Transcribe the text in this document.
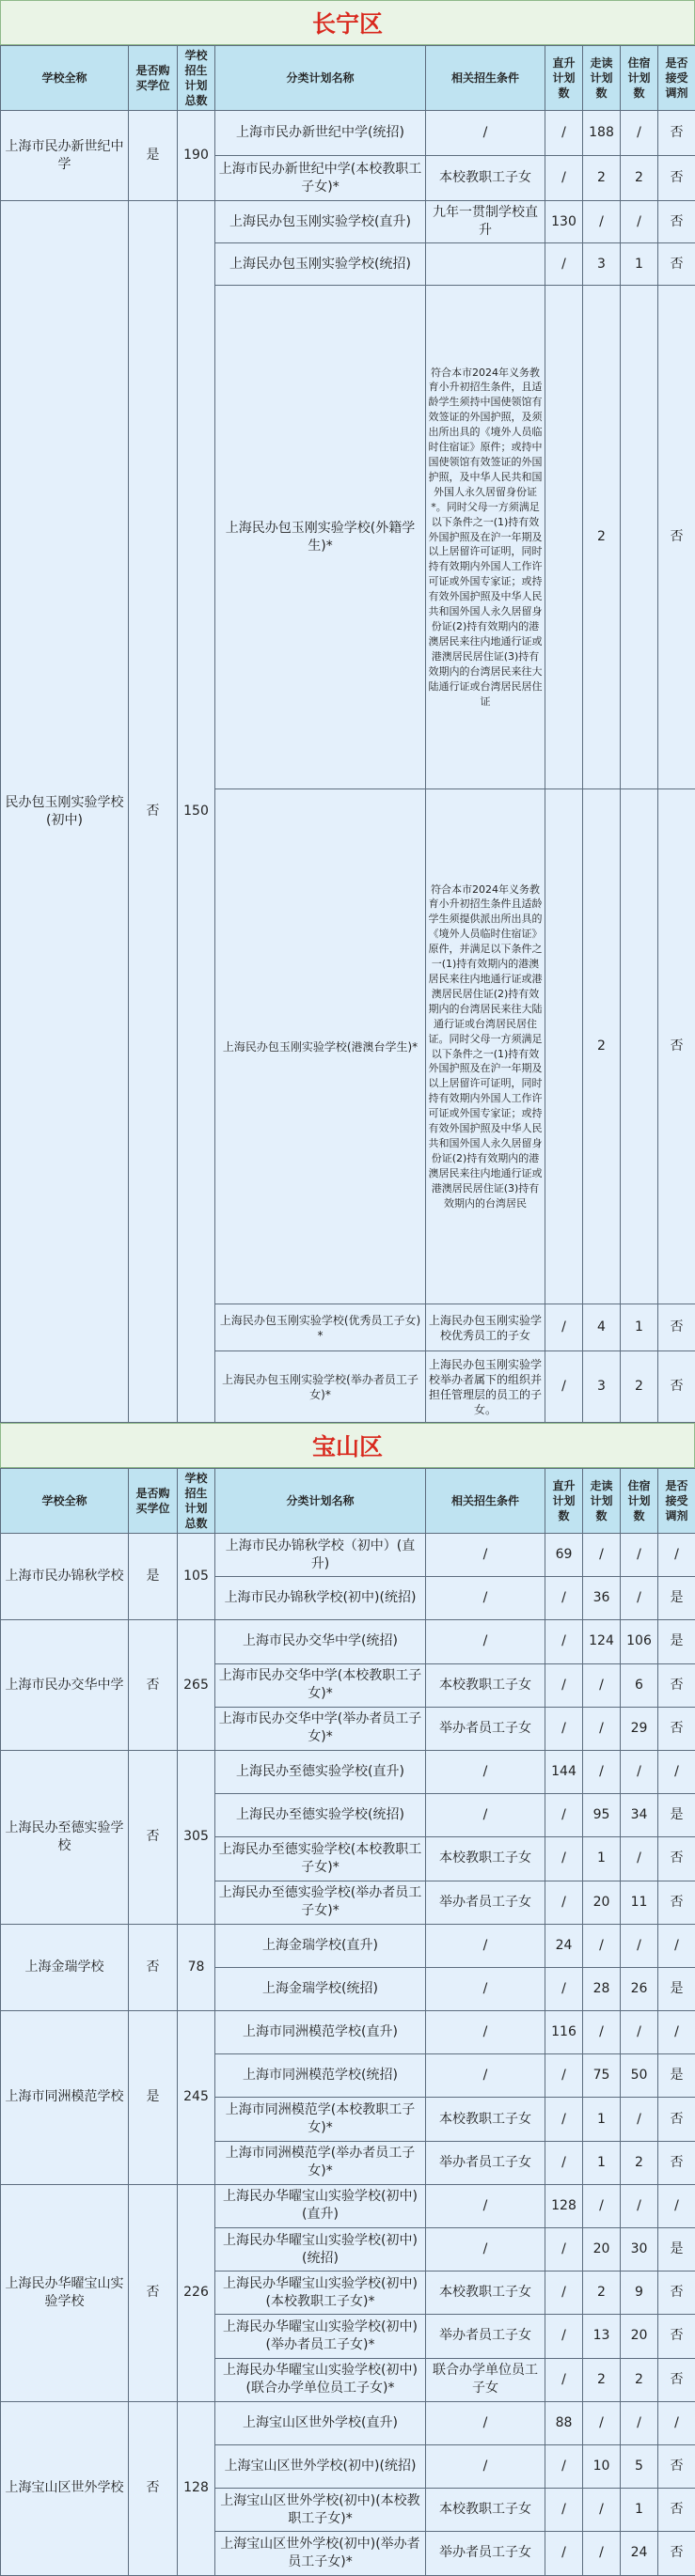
长宁区
学校全称	是否购买学位	学校招生计划总数	分类计划名称	相关招生条件	直升计划数	走读计划数	住宿计划数	是否接受调剂
上海市民办新世纪中学	是	190	上海市民办新世纪中学(统招)	/	/	188	/	否
			上海市民办新世纪中学(本校教职工子女)*	本校教职工子女	/	2	2	否
民办包玉刚实验学校(初中)	否	150	上海民办包玉刚实验学校(直升)	九年一贯制学校直升	130	/	/	否
			上海民办包玉刚实验学校(统招)		/	3	1	否
			上海民办包玉刚实验学校(外籍学生)*	符合本市2024年义务教育小升初招生条件，且适龄学生须持中国使领馆有效签证的外国护照，及须出所出具的《境外人员临时住宿证》原件；或持中国使领馆有效签证的外国护照，及中华人民共和国外国人永久居留身份证*。同时父母一方须满足以下条件之一(1)持有效外国护照及在沪一年期及以上居留许可证明，同时持有效期内外国人工作许可证或外国专家证；或持有效外国护照及中华人民共和国外国人永久居留身份证(2)持有效期内的港澳居民来往内地通行证或港澳居民居住证(3)持有效期内的台湾居民来往大陆通行证或台湾居民居住证		2		否
			上海民办包玉刚实验学校(港澳台学生)*	符合本市2024年义务教育小升初招生条件且适龄学生须提供派出所出具的《境外人员临时住宿证》原件，并满足以下条件之一(1)持有效期内的港澳居民来往内地通行证或港澳居民居住证(2)持有效期内的台湾居民来往大陆通行证或台湾居民居住证。同时父母一方须满足以下条件之一(1)持有效外国护照及在沪一年期及以上居留许可证明，同时持有效期内外国人工作许可证或外国专家证；或持有效外国护照及中华人民共和国外国人永久居留身份证(2)持有效期内的港澳居民来往内地通行证或港澳居民居住证(3)持有效期内的台湾居民		2		否
			上海民办包玉刚实验学校(优秀员工子女)*	上海民办包玉刚实验学校优秀员工的子女	/	4	1	否
			上海民办包玉刚实验学校(举办者员工子女)*	上海民办包玉刚实验学校举办者属下的组织并担任管理层的员工的子女。	/	3	2	否
宝山区
学校全称	是否购买学位	学校招生计划总数	分类计划名称	相关招生条件	直升计划数	走读计划数	住宿计划数	是否接受调剂
上海市民办锦秋学校	是	105	上海市民办锦秋学校（初中）(直升)	/	69	/	/	/
			上海市民办锦秋学校(初中)(统招)	/	/	36	/	是
上海市民办交华中学	否	265	上海市民办交华中学(统招)	/	/	124	106	是
			上海市民办交华中学(本校教职工子女)*	本校教职工子女	/	/	6	否
			上海市民办交华中学(举办者员工子女)*	举办者员工子女	/	/	29	否
上海民办至德实验学校	否	305	上海民办至德实验学校(直升)	/	144	/	/	/
			上海民办至德实验学校(统招)	/	/	95	34	是
			上海民办至德实验学校(本校教职工子女)*	本校教职工子女	/	1	/	否
			上海民办至德实验学校(举办者员工子女)*	举办者员工子女	/	20	11	否
上海金瑞学校	否	78	上海金瑞学校(直升)	/	24	/	/	/
			上海金瑞学校(统招)	/	/	28	26	是
上海市同洲模范学校	是	245	上海市同洲模范学校(直升)	/	116	/	/	/
			上海市同洲模范学校(统招)	/	/	75	50	是
			上海市同洲模范学(本校教职工子女)*	本校教职工子女	/	1	/	否
			上海市同洲模范学(举办者员工子女)*	举办者员工子女	/	1	2	否
上海民办华曜宝山实验学校	否	226	上海民办华曜宝山实验学校(初中)(直升)	/	128	/	/	/
			上海民办华曜宝山实验学校(初中)(统招)	/	/	20	30	是
			上海民办华曜宝山实验学校(初中)(本校教职工子女)*	本校教职工子女	/	2	9	否
			上海民办华曜宝山实验学校(初中)(举办者员工子女)*	举办者员工子女	/	13	20	否
			上海民办华曜宝山实验学校(初中)(联合办学单位员工子女)*	联合办学单位员工子女	/	2	2	否
上海宝山区世外学校	否	128	上海宝山区世外学校(直升)	/	88	/	/	/
			上海宝山区世外学校(初中)(统招)	/	/	10	5	否
			上海宝山区世外学校(初中)(本校教职工子女)*	本校教职工子女	/	/	1	否
			上海宝山区世外学校(初中)(举办者员工子女)*	举办者员工子女	/	/	24	否
